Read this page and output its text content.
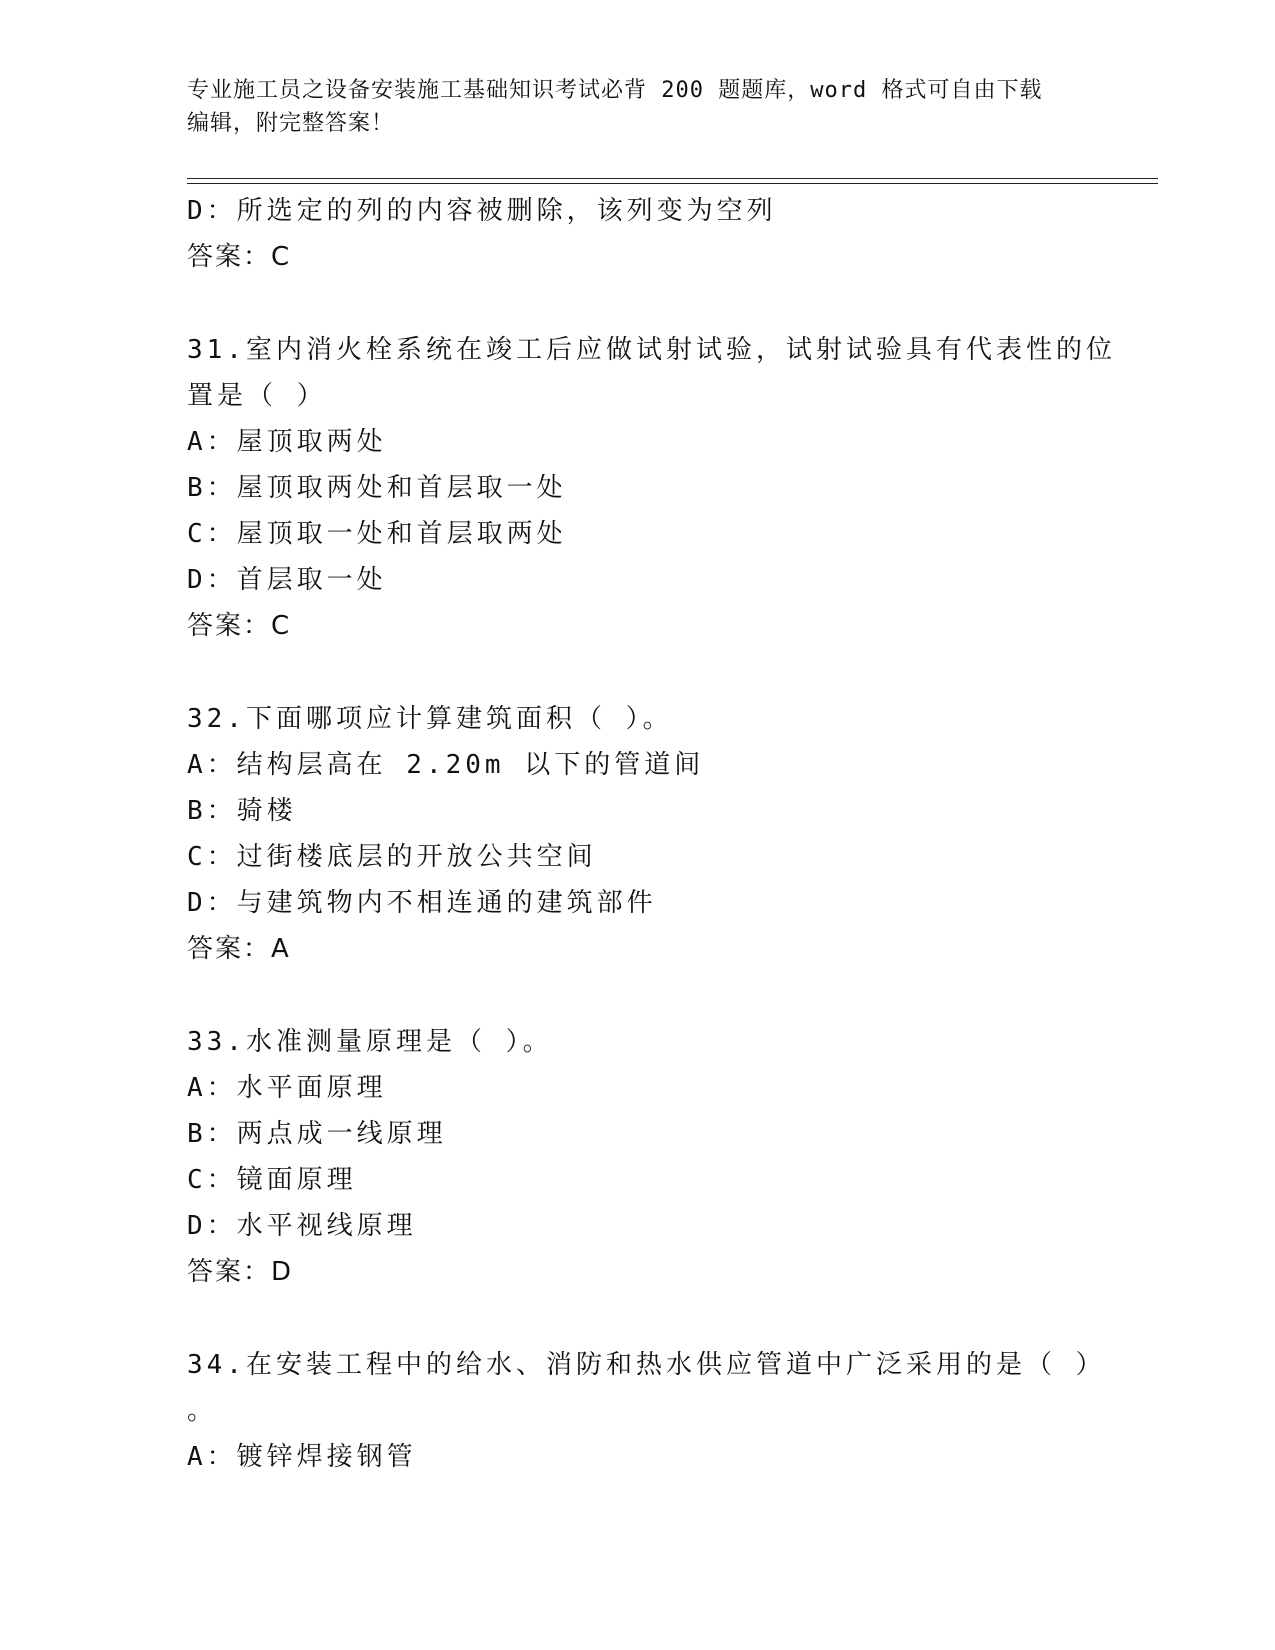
专业施工员之设备安装施工基础知识考试必背 200 题题库，word 格式可自由下载
编辑，附完整答案！
D：所选定的列的内容被删除，该列变为空列
答案：C
31.室内消火栓系统在竣工后应做试射试验，试射试验具有代表性的位
置是（ ）
A：屋顶取两处
B：屋顶取两处和首层取一处
C：屋顶取一处和首层取两处
D：首层取一处
答案：C
32.下面哪项应计算建筑面积（ ）。
A：结构层高在 2.20m 以下的管道间
B：骑楼
C：过街楼底层的开放公共空间
D：与建筑物内不相连通的建筑部件
答案：A
33.水准测量原理是（ ）。
A：水平面原理
B：两点成一线原理
C：镜面原理
D：水平视线原理
答案：D
34.在安装工程中的给水、消防和热水供应管道中广泛采用的是（ ）
。
A：镀锌焊接钢管
